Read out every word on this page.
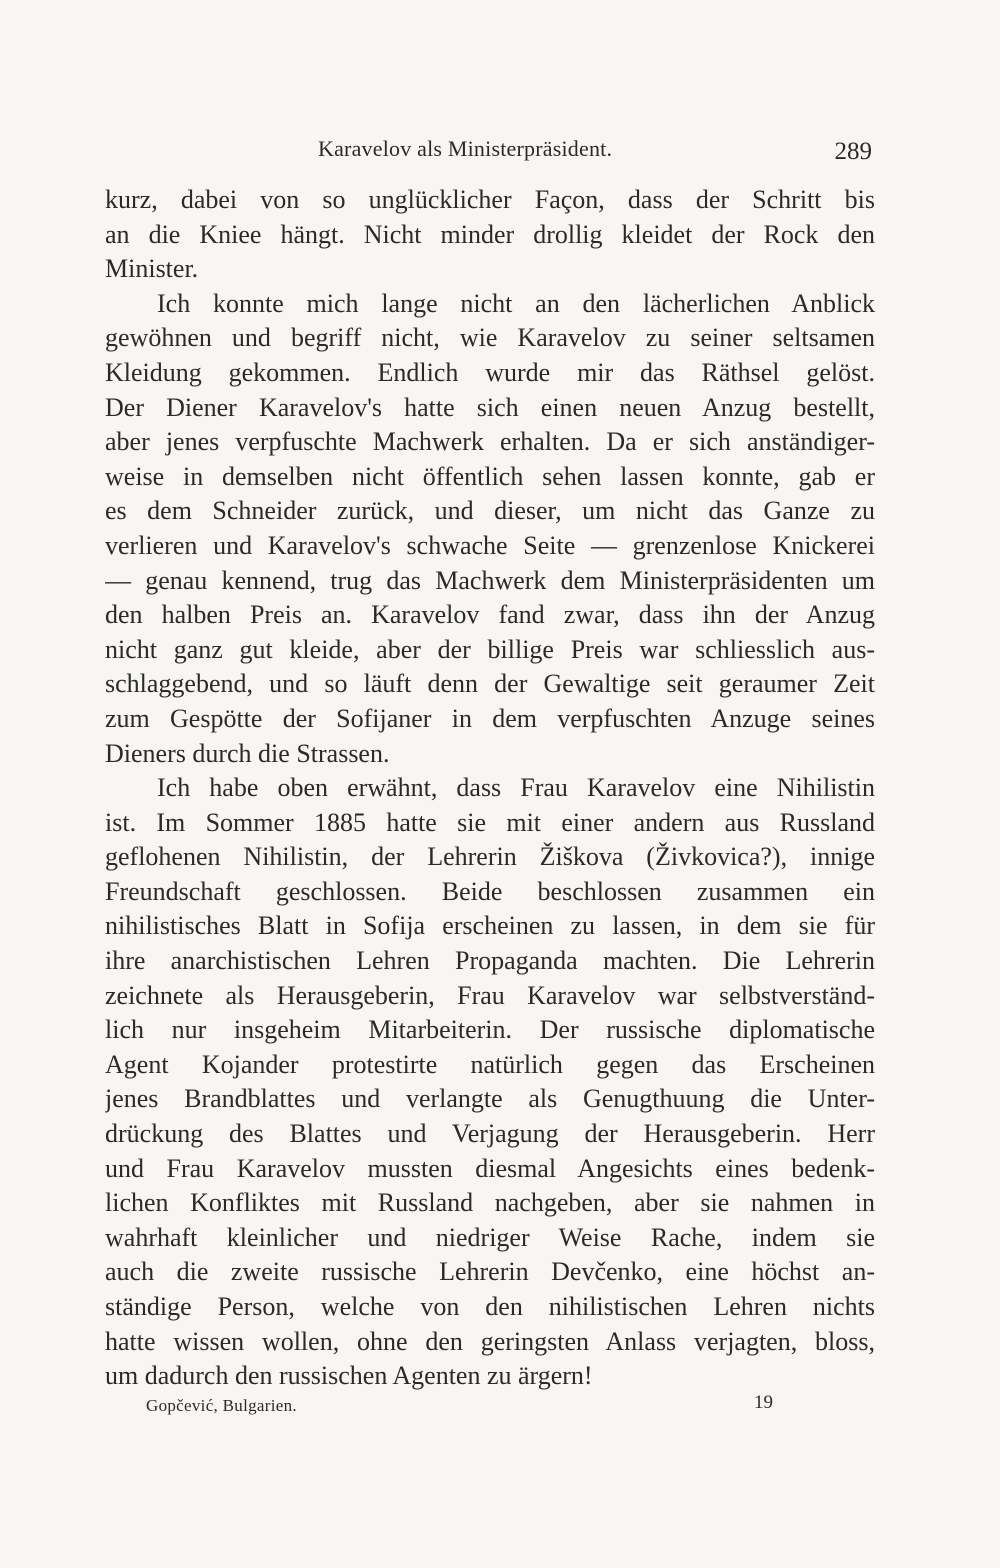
Karavelov als Ministerpräsident.	289
kurz, dabei von so unglücklicher Façon, dass der Schritt bis
an die Kniee hängt. Nicht minder drollig kleidet der Rock den
Minister.
Ich konnte mich lange nicht an den lächerlichen Anblick
gewöhnen und begriff nicht, wie Karavelov zu seiner seltsamen
Kleidung gekommen. Endlich wurde mir das Räthsel gelöst.
Der Diener Karavelov's hatte sich einen neuen Anzug bestellt,
aber jenes verpfuschte Machwerk erhalten. Da er sich anständiger-
weise in demselben nicht öffentlich sehen lassen konnte, gab er
es dem Schneider zurück, und dieser, um nicht das Ganze zu
verlieren und Karavelov's schwache Seite — grenzenlose Knickerei
— genau kennend, trug das Machwerk dem Ministerpräsidenten um
den halben Preis an. Karavelov fand zwar, dass ihn der Anzug
nicht ganz gut kleide, aber der billige Preis war schliesslich aus-
schlaggebend, und so läuft denn der Gewaltige seit geraumer Zeit
zum Gespötte der Sofijaner in dem verpfuschten Anzuge seines
Dieners durch die Strassen.
Ich habe oben erwähnt, dass Frau Karavelov eine Nihilistin
ist. Im Sommer 1885 hatte sie mit einer andern aus Russland
geflohenen Nihilistin, der Lehrerin Žiškova (Živkovica?), innige
Freundschaft geschlossen. Beide beschlossen zusammen ein
nihilistisches Blatt in Sofija erscheinen zu lassen, in dem sie für
ihre anarchistischen Lehren Propaganda machten. Die Lehrerin
zeichnete als Herausgeberin, Frau Karavelov war selbstverständ-
lich nur insgeheim Mitarbeiterin. Der russische diplomatische
Agent Kojander protestirte natürlich gegen das Erscheinen
jenes Brandblattes und verlangte als Genugthuung die Unter-
drückung des Blattes und Verjagung der Herausgeberin. Herr
und Frau Karavelov mussten diesmal Angesichts eines bedenk-
lichen Konfliktes mit Russland nachgeben, aber sie nahmen in
wahrhaft kleinlicher und niedriger Weise Rache, indem sie
auch die zweite russische Lehrerin Devčenko, eine höchst an-
ständige Person, welche von den nihilistischen Lehren nichts
hatte wissen wollen, ohne den geringsten Anlass verjagten, bloss,
um dadurch den russischen Agenten zu ärgern!
Gopčević, Bulgarien.	19
